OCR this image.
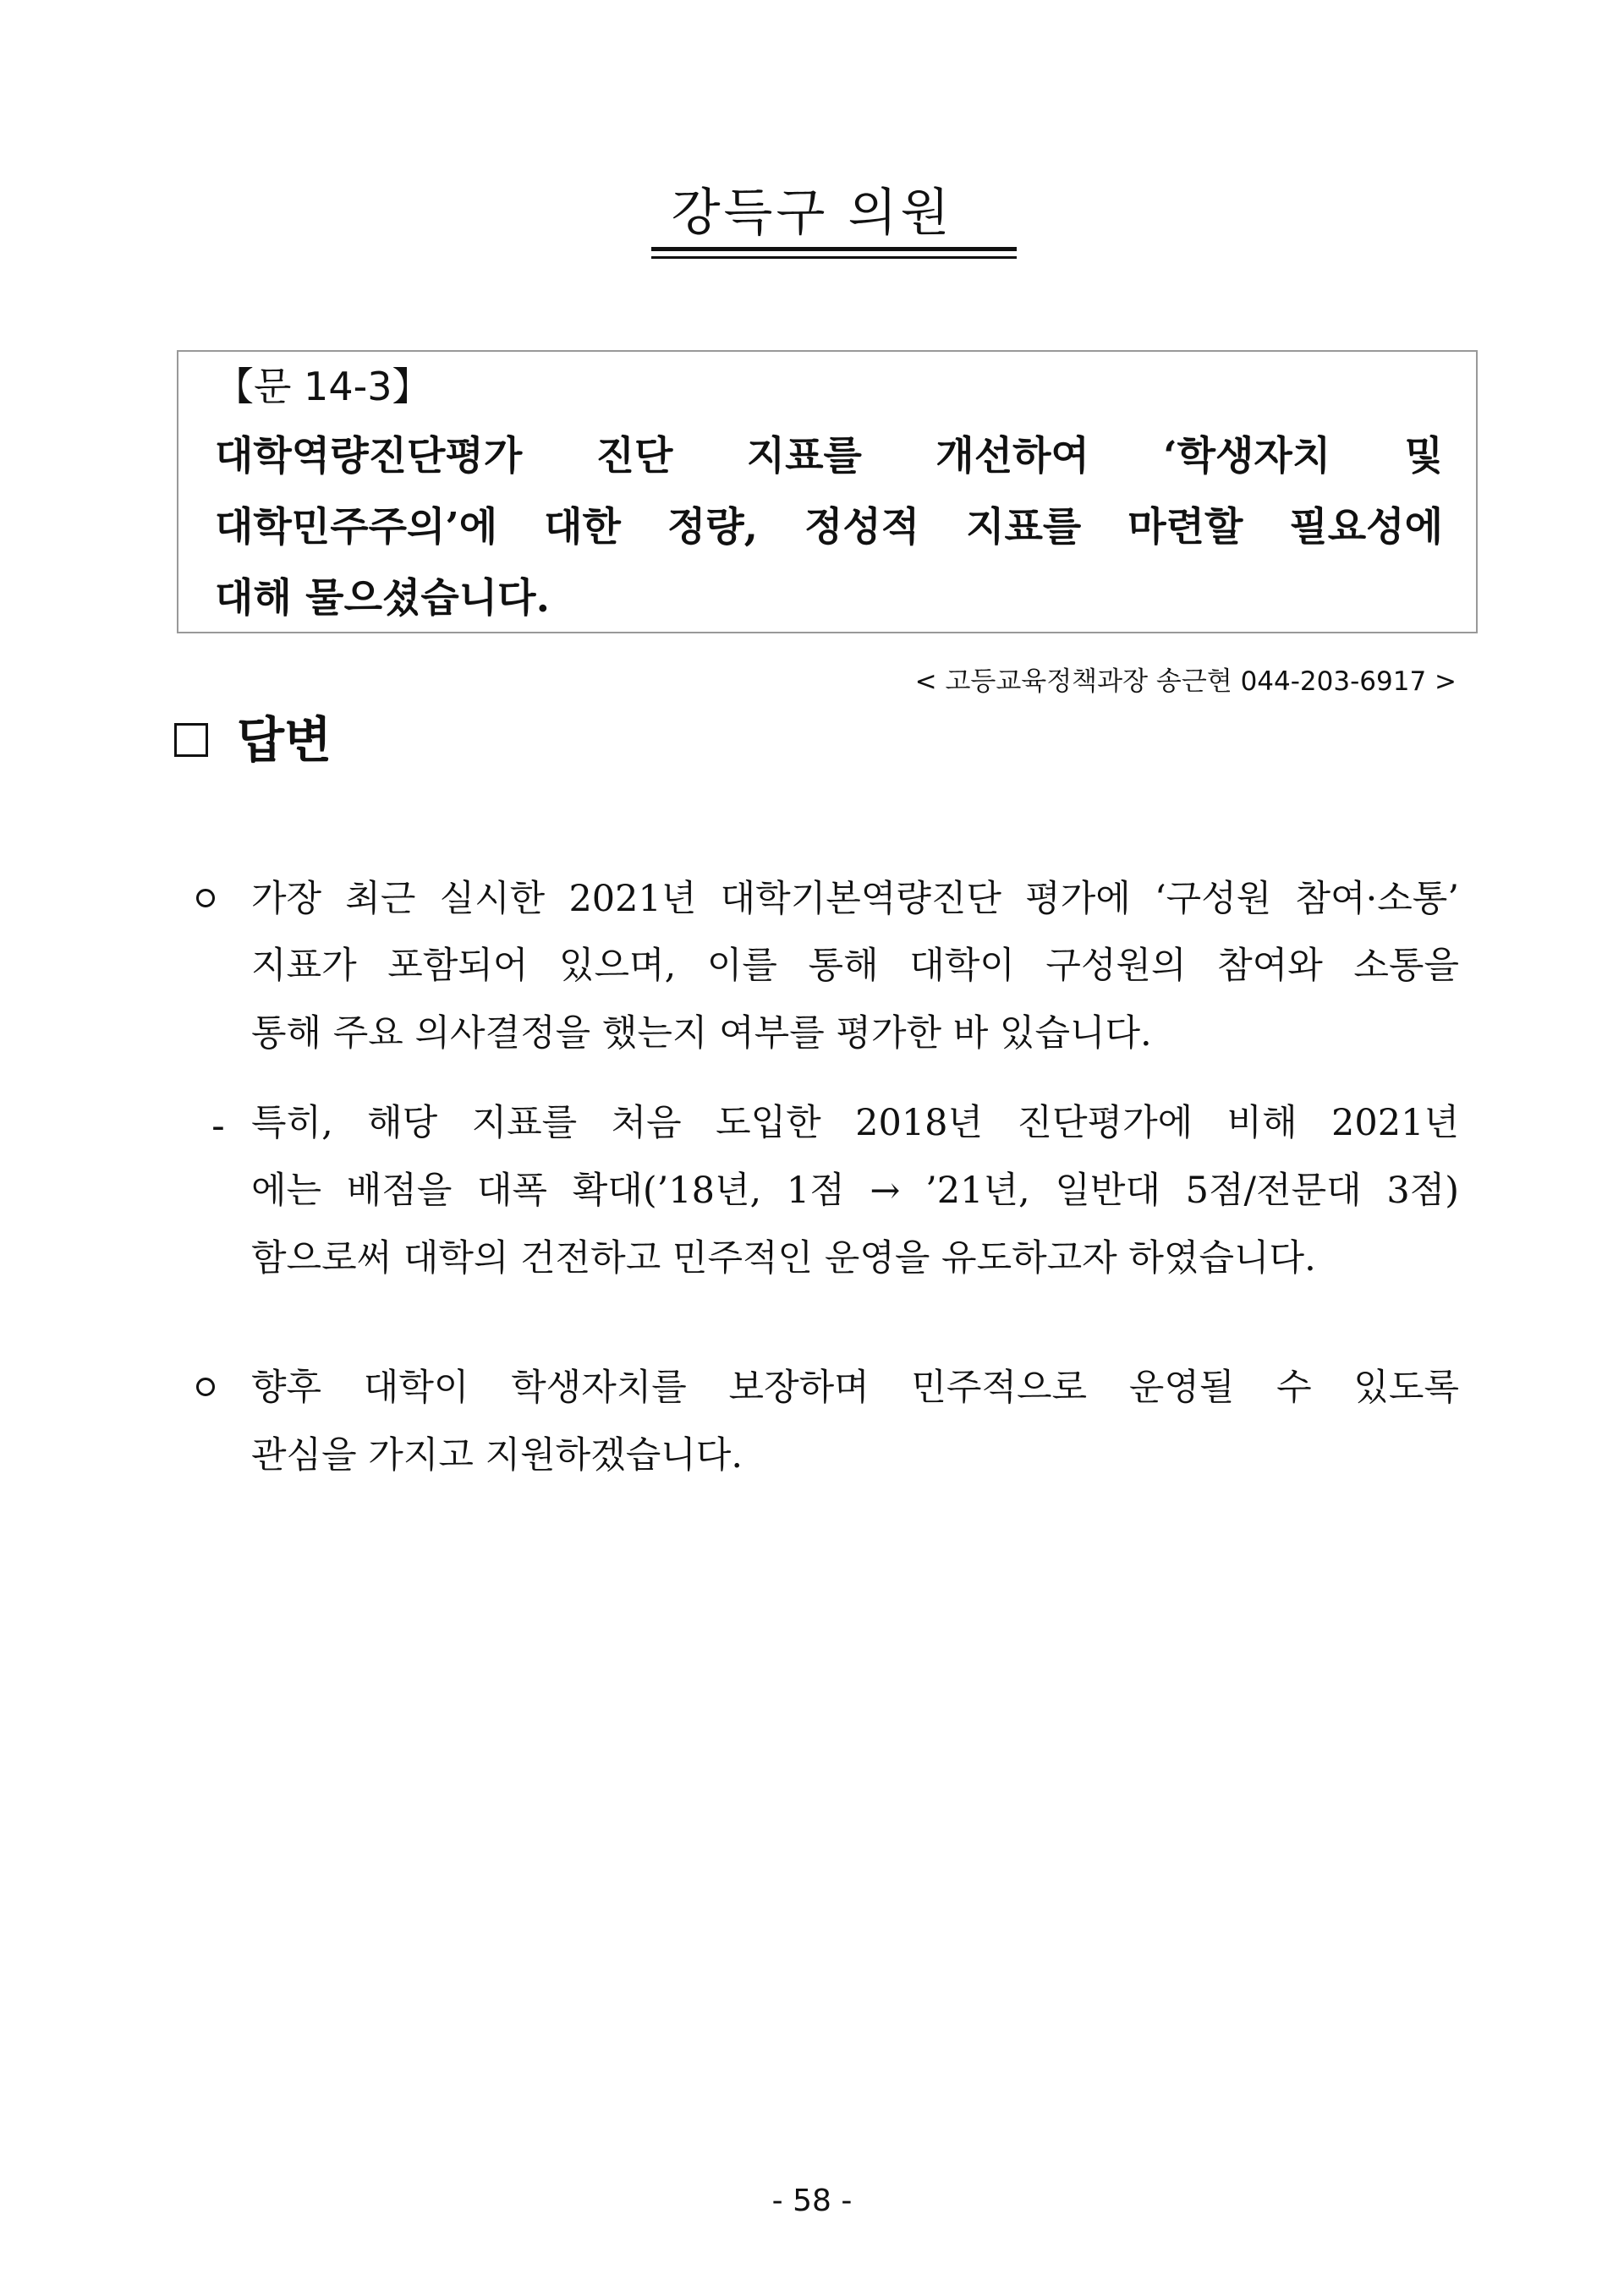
강득구 의원
【문 14-3】
대학역량진단평가 진단 지표를 개선하여 ‘학생자치 및
대학민주주의’에 대한 정량, 정성적 지표를 마련할 필요성에
대해 물으셨습니다.
< 고등교육정책과장 송근현 044-203-6917 >
답변
가장 최근 실시한 2021년 대학기본역량진단 평가에 ‘구성원 참여·소통’
지표가 포함되어 있으며, 이를 통해 대학이 구성원의 참여와 소통을
통해 주요 의사결정을 했는지 여부를 평가한 바 있습니다.
- 특히, 해당 지표를 처음 도입한 2018년 진단평가에 비해 2021년
에는 배점을 대폭 확대(’18년, 1점 → ’21년, 일반대 5점/전문대 3점)
함으로써 대학의 건전하고 민주적인 운영을 유도하고자 하였습니다.
향후 대학이 학생자치를 보장하며 민주적으로 운영될 수 있도록
관심을 가지고 지원하겠습니다.
- 58 -
